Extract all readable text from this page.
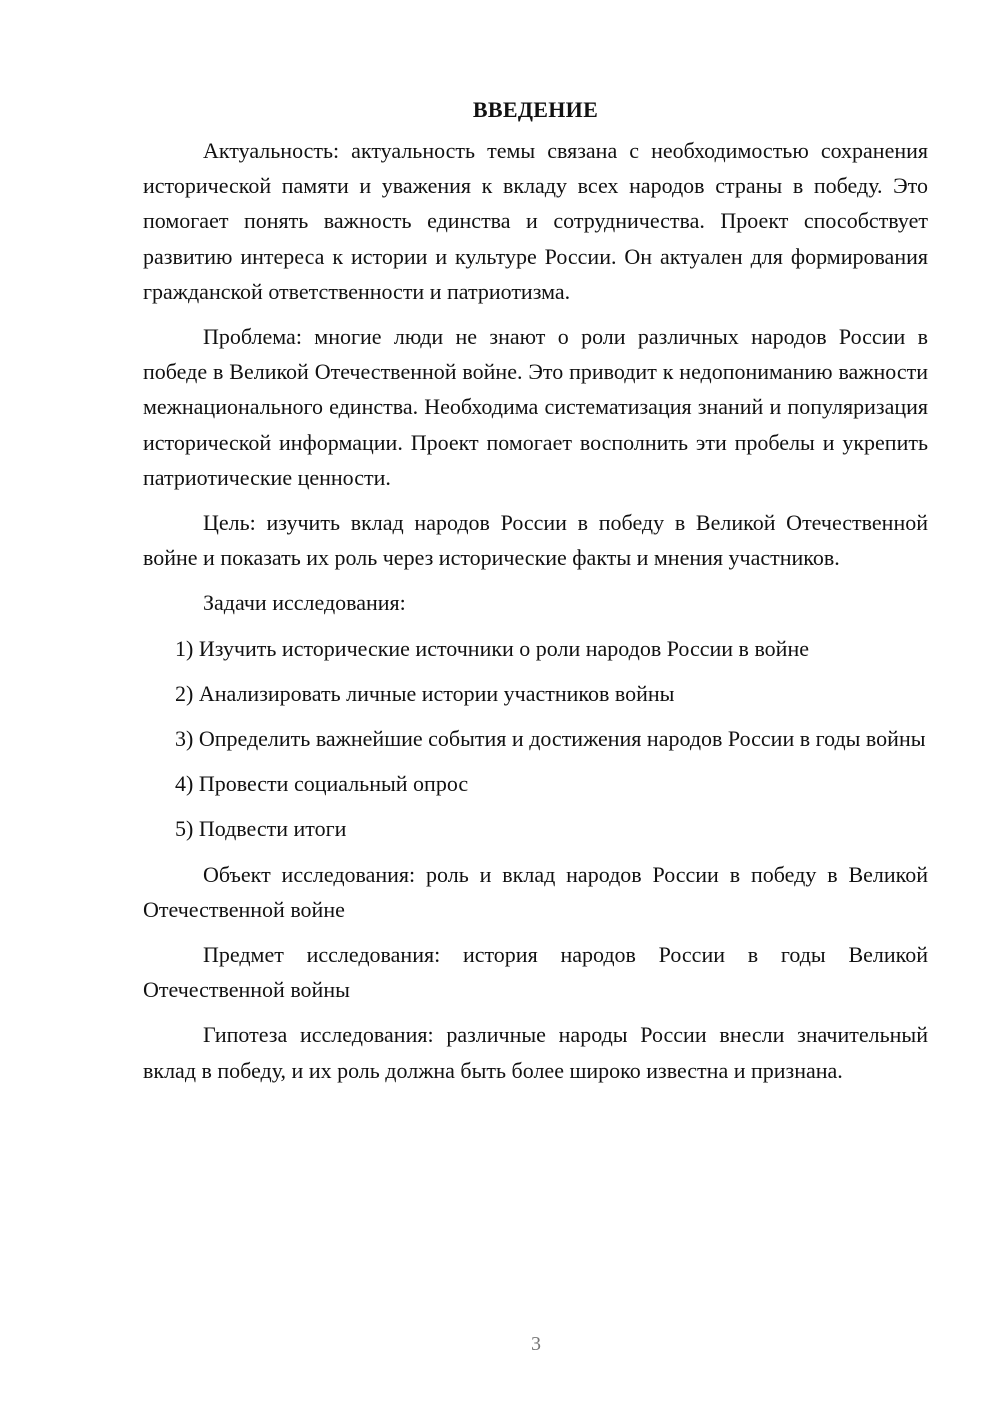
ВВЕДЕНИЕ

Актуальность: актуальность темы связана с необходимостью сохранения исторической памяти и уважения к вкладу всех народов страны в победу. Это помогает понять важность единства и сотрудничества. Проект способствует развитию интереса к истории и культуре России. Он актуален для формирования гражданской ответственности и патриотизма.

Проблема: многие люди не знают о роли различных народов России в победе в Великой Отечественной войне. Это приводит к недопониманию важности межнационального единства. Необходима систематизация знаний и популяризация исторической информации. Проект помогает восполнить эти пробелы и укрепить патриотические ценности.

Цель: изучить вклад народов России в победу в Великой Отечественной войне и показать их роль через исторические факты и мнения участников.

Задачи исследования:

1) Изучить исторические источники о роли народов России в войне

2) Анализировать личные истории участников войны

3) Определить важнейшие события и достижения народов России в годы войны

4) Провести социальный опрос

5) Подвести итоги

Объект исследования: роль и вклад народов России в победу в Великой Отечественной войне

Предмет исследования: история народов России в годы Великой Отечественной войны

Гипотеза исследования: различные народы России внесли значительный вклад в победу, и их роль должна быть более широко известна и признана.

3
